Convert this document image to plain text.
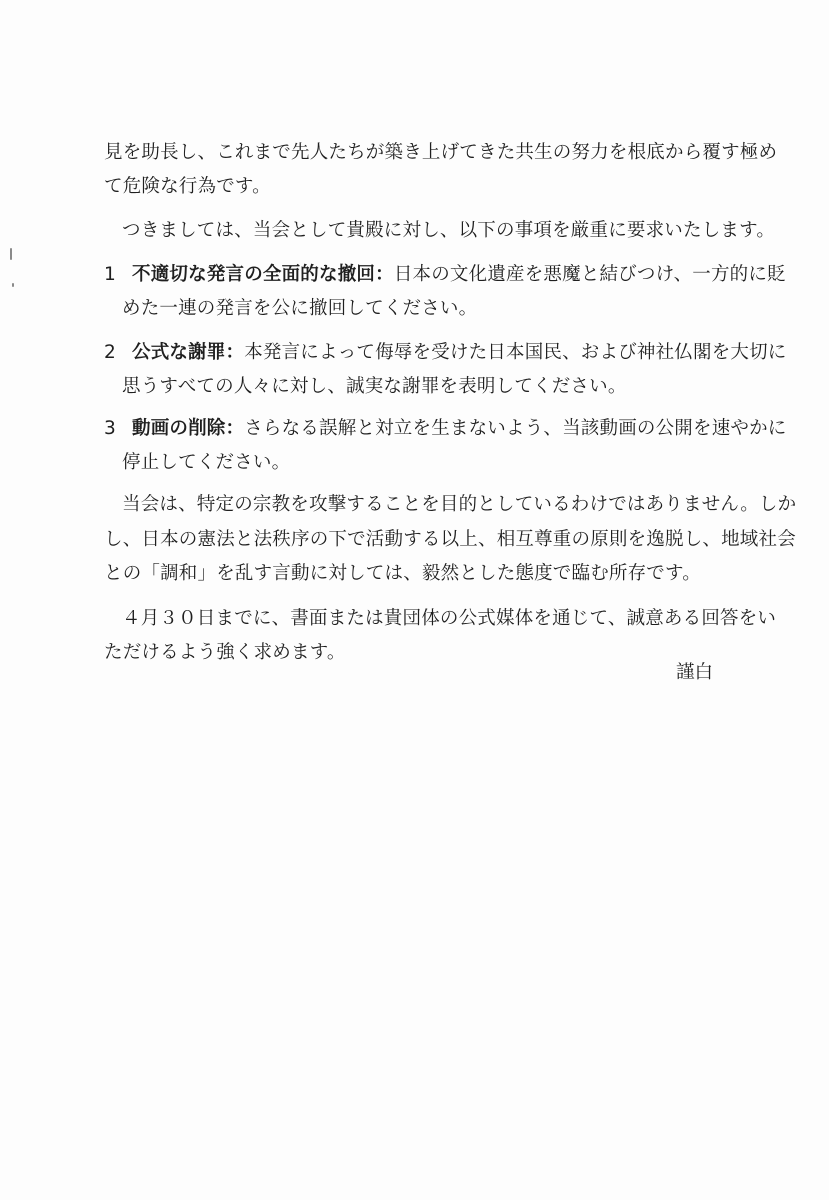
見を助長し、これまで先人たちが築き上げてきた共生の努力を根底から覆す極め
て危険な行為です。
つきましては、当会として貴殿に対し、以下の事項を厳重に要求いたします。
1 不適切な発言の全面的な撤回：日本の文化遺産を悪魔と結びつけ、一方的に貶
めた一連の発言を公に撤回してください。
2 公式な謝罪：本発言によって侮辱を受けた日本国民、および神社仏閣を大切に
思うすべての人々に対し、誠実な謝罪を表明してください。
3 動画の削除：さらなる誤解と対立を生まないよう、当該動画の公開を速やかに
停止してください。
当会は、特定の宗教を攻撃することを目的としているわけではありません。しか
し、日本の憲法と法秩序の下で活動する以上、相互尊重の原則を逸脱し、地域社会
との「調和」を乱す言動に対しては、毅然とした態度で臨む所存です。
４月３０日までに、書面または貴団体の公式媒体を通じて、誠意ある回答をい
ただけるよう強く求めます。
謹白
